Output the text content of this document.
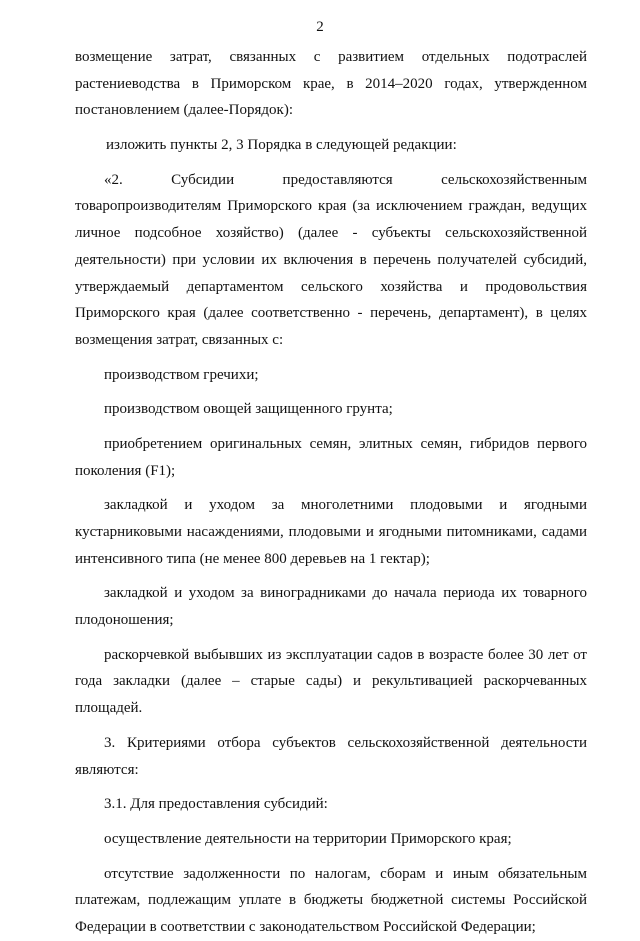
2
возмещение затрат, связанных с развитием отдельных подотраслей
растениеводства в Приморском крае, в 2014–2020 годах, утвержденном
постановлением (далее-Порядок):
изложить пункты 2, 3 Порядка в следующей редакции:
«2. Субсидии предоставляются сельскохозяйственным
товаропроизводителям Приморского края (за исключением граждан, ведущих
личное подсобное хозяйство) (далее - субъекты сельскохозяйственной
деятельности) при условии их включения в перечень получателей субсидий,
утверждаемый департаментом сельского хозяйства и продовольствия
Приморского края (далее соответственно - перечень, департамент), в целях
возмещения затрат, связанных с:
производством гречихи;
производством овощей защищенного грунта;
приобретением оригинальных семян, элитных семян, гибридов первого
поколения (F1);
закладкой и уходом за многолетними плодовыми и ягодными
кустарниковыми насаждениями, плодовыми и ягодными питомниками, садами
интенсивного типа (не менее 800 деревьев на 1 гектар);
закладкой и уходом за виноградниками до начала периода их товарного
плодоношения;
раскорчевкой выбывших из эксплуатации садов в возрасте более 30 лет от
года закладки (далее – старые сады) и рекультивацией раскорчеванных
площадей.
3. Критериями отбора субъектов сельскохозяйственной деятельности
являются:
3.1. Для предоставления субсидий:
осуществление деятельности на территории Приморского края;
отсутствие задолженности по налогам, сборам и иным обязательным
платежам, подлежащим уплате в бюджеты бюджетной системы Российской
Федерации в соответствии с законодательством Российской Федерации;
